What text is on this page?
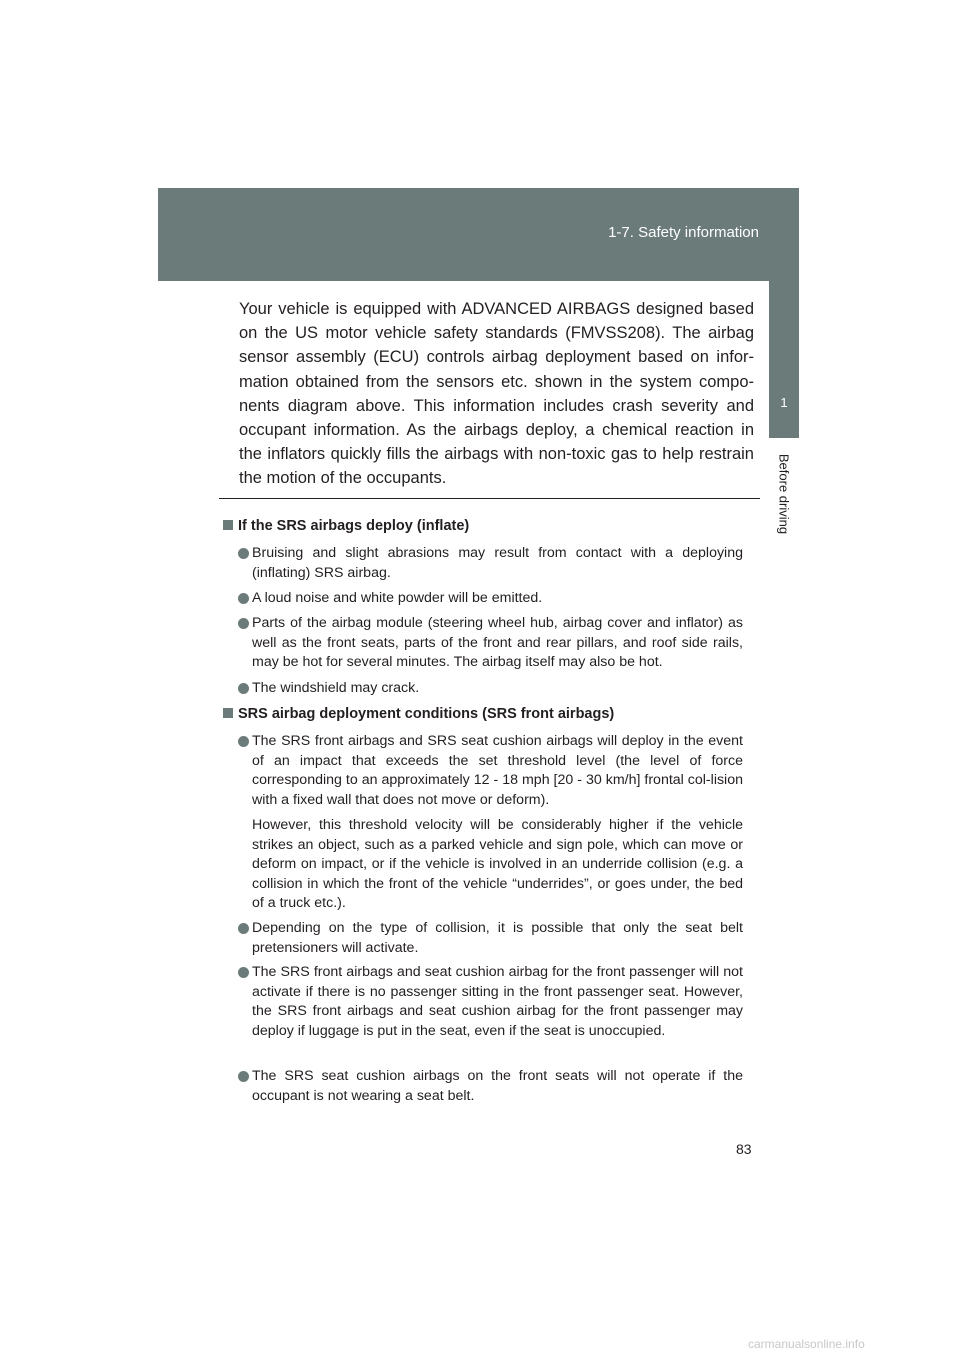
1-7. Safety information
1
Before driving

Your vehicle is equipped with ADVANCED AIRBAGS designed based on the US motor vehicle safety standards (FMVSS208). The airbag sensor assembly (ECU) controls airbag deployment based on infor-mation obtained from the sensors etc. shown in the system compo-nents diagram above. This information includes crash severity and occupant information. As the airbags deploy, a chemical reaction in the inflators quickly fills the airbags with non-toxic gas to help restrain the motion of the occupants.

If the SRS airbags deploy (inflate)
Bruising and slight abrasions may result from contact with a deploying (inflating) SRS airbag.
A loud noise and white powder will be emitted.
Parts of the airbag module (steering wheel hub, airbag cover and inflator) as well as the front seats, parts of the front and rear pillars, and roof side rails, may be hot for several minutes. The airbag itself may also be hot.
The windshield may crack.
SRS airbag deployment conditions (SRS front airbags)
The SRS front airbags and SRS seat cushion airbags will deploy in the event of an impact that exceeds the set threshold level (the level of force corresponding to an approximately 12 - 18 mph [20 - 30 km/h] frontal col-lision with a fixed wall that does not move or deform).

However, this threshold velocity will be considerably higher if the vehicle strikes an object, such as a parked vehicle and sign pole, which can move or deform on impact, or if the vehicle is involved in an underride collision (e.g. a collision in which the front of the vehicle “underrides”, or goes under, the bed of a truck etc.).

Depending on the type of collision, it is possible that only the seat belt pretensioners will activate.
The SRS front airbags and seat cushion airbag for the front passenger will not activate if there is no passenger sitting in the front passenger seat. However, the SRS front airbags and seat cushion airbag for the front passenger may deploy if luggage is put in the seat, even if the seat is unoccupied.
The SRS seat cushion airbags on the front seats will not operate if the occupant is not wearing a seat belt.
83
carmanualsonline.info
